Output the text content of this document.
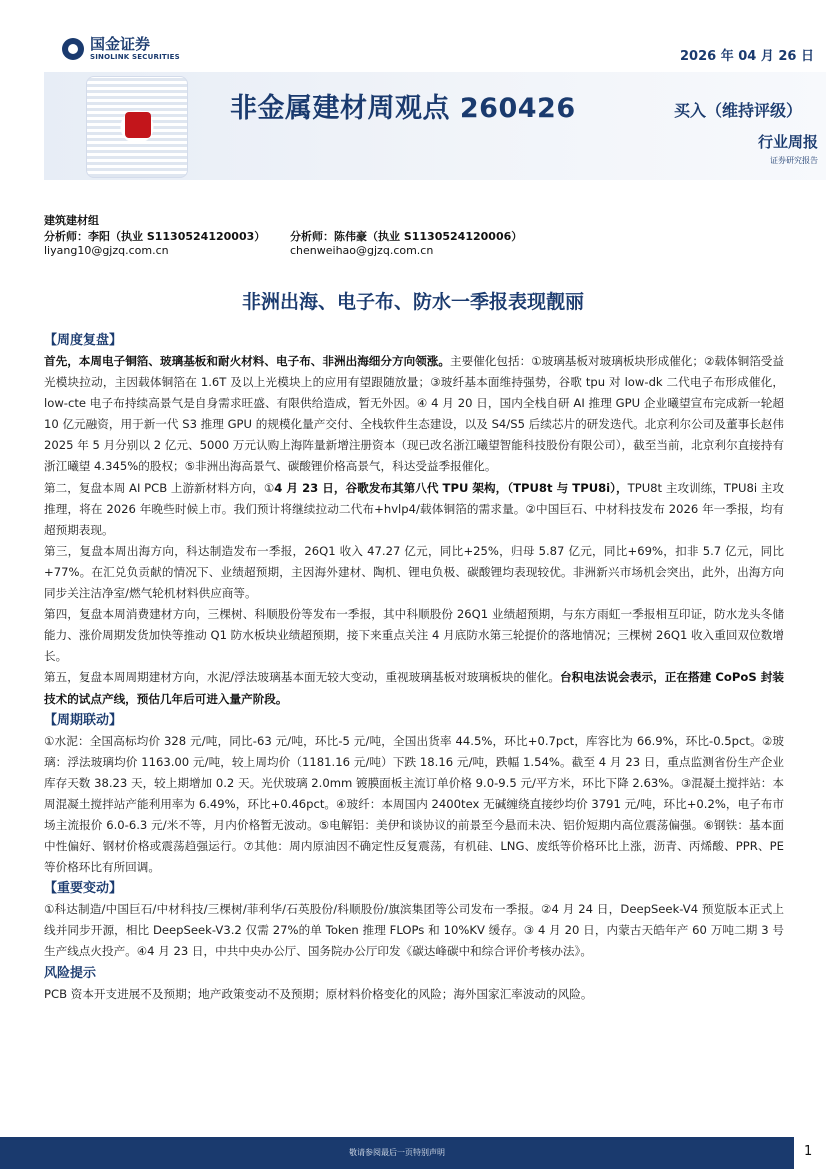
国金证券
SINOLINK SECURITIES	2026 年 04 月 26 日
非金属建材周观点 260426	买入（维持评级）
行业周报
证券研究报告
建筑建材组
分析师：李阳（执业 S1130524120003）
liyang10@gjzq.com.cn
分析师：陈伟豪（执业 S1130524120006）
chenweihao@gjzq.com.cn
非洲出海、电子布、防水一季报表现靓丽

【周度复盘】

首先，本周电子铜箔、玻璃基板和耐火材料、电子布、非洲出海细分方向领涨。主要催化包括：①玻璃基板对玻璃板块形成催化；②载体铜箔受益光模块拉动，主因载体铜箔在 1.6T 及以上光模块上的应用有望跟随放量；③玻纤基本面维持强势，谷歌 tpu 对 low-dk 二代电子布形成催化，low-cte 电子布持续高景气是自身需求旺盛、有限供给造成，暂无外因。④ 4 月 20 日，国内全栈自研 AI 推理 GPU 企业曦望宣布完成新一轮超 10 亿元融资，用于新一代 S3 推理 GPU 的规模化量产交付、全栈软件生态建设，以及 S4/S5 后续芯片的研发迭代。北京利尔公司及董事长赵伟 2025 年 5 月分别以 2 亿元、5000 万元认购上海阵量新增注册资本（现已改名浙江曦望智能科技股份有限公司），截至当前，北京利尔直接持有浙江曦望 4.345%的股权；⑤非洲出海高景气、碳酸锂价格高景气，科达受益季报催化。

第二，复盘本周 AI PCB 上游新材料方向，①4 月 23 日，谷歌发布其第八代 TPU 架构，（TPU8t 与 TPU8i），TPU8t 主攻训练，TPU8i 主攻推理，将在 2026 年晚些时候上市。我们预计将继续拉动二代布+hvlp4/载体铜箔的需求量。②中国巨石、中材科技发布 2026 年一季报，均有超预期表现。

第三，复盘本周出海方向，科达制造发布一季报，26Q1 收入 47.27 亿元，同比+25%，归母 5.87 亿元，同比+69%，扣非 5.7 亿元，同比+77%。在汇兑负贡献的情况下、业绩超预期，主因海外建材、陶机、锂电负极、碳酸锂均表现较优。非洲新兴市场机会突出，此外，出海方向同步关注洁净室/燃气轮机材料供应商等。

第四，复盘本周消费建材方向，三棵树、科顺股份等发布一季报，其中科顺股份 26Q1 业绩超预期，与东方雨虹一季报相互印证，防水龙头冬储能力、涨价周期发货加快等推动 Q1 防水板块业绩超预期，接下来重点关注 4 月底防水第三轮提价的落地情况；三棵树 26Q1 收入重回双位数增长。

第五，复盘本周周期建材方向，水泥/浮法玻璃基本面无较大变动，重视玻璃基板对玻璃板块的催化。台积电法说会表示，正在搭建 CoPoS 封装技术的试点产线，预估几年后可进入量产阶段。

【周期联动】

①水泥：全国高标均价 328 元/吨，同比-63 元/吨，环比-5 元/吨，全国出货率 44.5%，环比+0.7pct，库容比为 66.9%，环比-0.5pct。②玻璃：浮法玻璃均价 1163.00 元/吨，较上周均价（1181.16 元/吨）下跌 18.16 元/吨，跌幅 1.54%。截至 4 月 23 日，重点监测省份生产企业库存天数 38.23 天，较上期增加 0.2 天。光伏玻璃 2.0mm 镀膜面板主流订单价格 9.0-9.5 元/平方米，环比下降 2.63%。③混凝土搅拌站：本周混凝土搅拌站产能利用率为 6.49%，环比+0.46pct。④玻纤：本周国内 2400tex 无碱缠绕直接纱均价 3791 元/吨，环比+0.2%，电子布市场主流报价 6.0-6.3 元/米不等，月内价格暂无波动。⑤电解铝：美伊和谈协议的前景至今悬而未决、铝价短期内高位震荡偏强。⑥钢铁：基本面中性偏好、钢材价格或震荡趋强运行。⑦其他：周内原油因不确定性反复震荡，有机硅、LNG、废纸等价格环比上涨，沥青、丙烯酸、PPR、PE 等价格环比有所回调。

【重要变动】

①科达制造/中国巨石/中材科技/三棵树/菲利华/石英股份/科顺股份/旗滨集团等公司发布一季报。②4 月 24 日，DeepSeek-V4 预览版本正式上线并同步开源，相比 DeepSeek-V3.2 仅需 27%的单 Token 推理 FLOPs 和 10%KV 缓存。③ 4 月 20 日，内蒙古天皓年产 60 万吨二期 3 号生产线点火投产。④4 月 23 日，中共中央办公厅、国务院办公厅印发《碳达峰碳中和综合评价考核办法》。

风险提示

PCB 资本开支进展不及预期；地产政策变动不及预期；原材料价格变化的风险；海外国家汇率波动的风险。

敬请参阅最后一页特别声明	1
